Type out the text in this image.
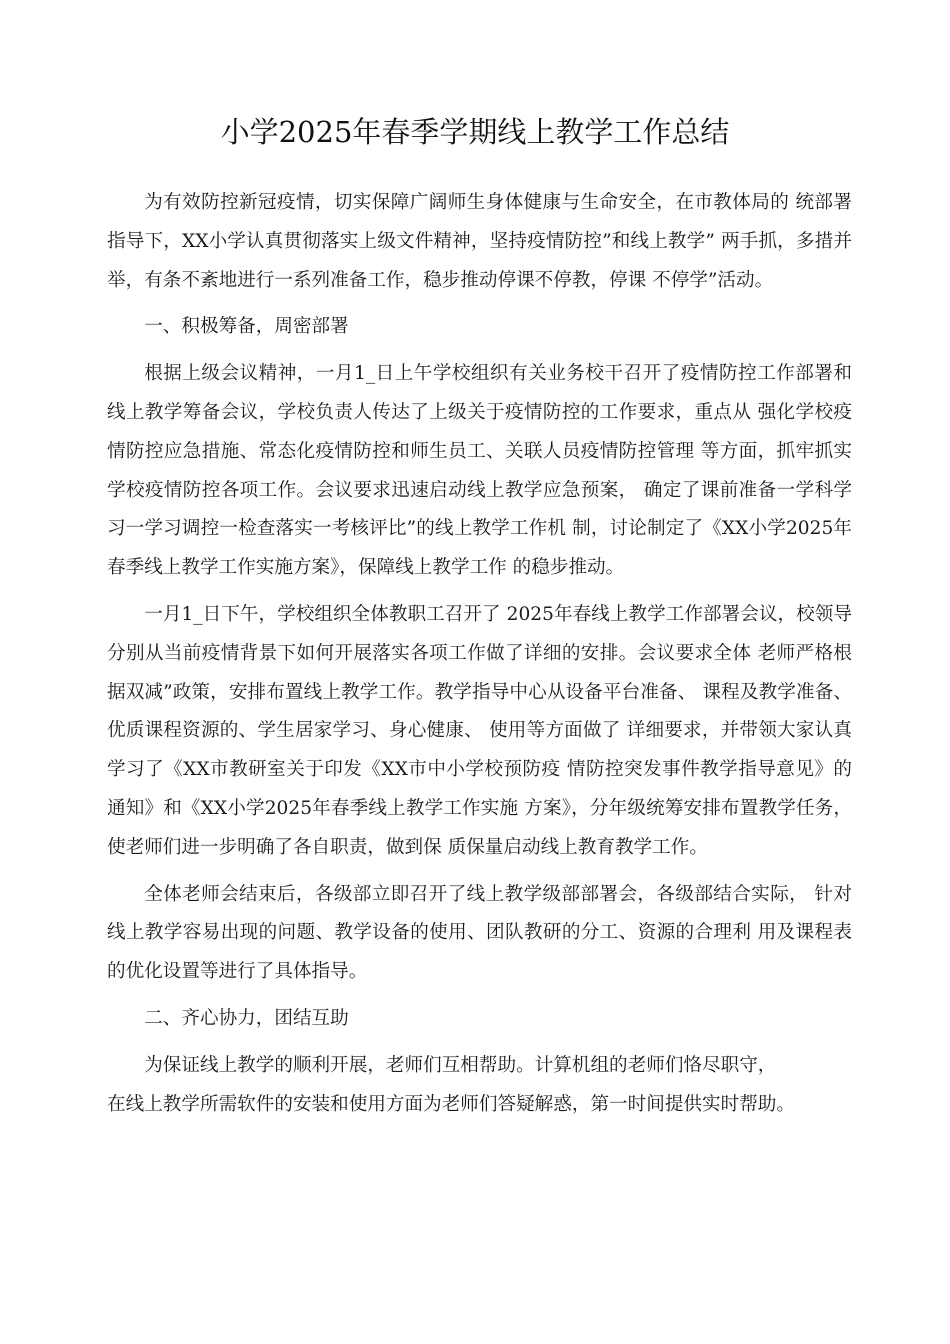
小学2025年春季学期线上教学工作总结

为有效防控新冠疫情，切实保障广阔师生身体健康与生命安全，在市教体局的 统部署指导下，XX小学认真贯彻落实上级文件精神，坚持疫情防控”和线上教学” 两手抓，多措并举，有条不紊地进行一系列准备工作，稳步推动停课不停教，停课 不停学”活动。

一、积极筹备，周密部署

根据上级会议精神，一月1_日上午学校组织有关业务校干召开了疫情防控工作部署和线上教学筹备会议，学校负责人传达了上级关于疫情防控的工作要求，重点从 强化学校疫情防控应急措施、常态化疫情防控和师生员工、关联人员疫情防控管理 等方面，抓牢抓实学校疫情防控各项工作。会议要求迅速启动线上教学应急预案， 确定了课前准备一学科学习一学习调控一检查落实一考核评比”的线上教学工作机 制，讨论制定了《XX小学2025年春季线上教学工作实施方案》，保障线上教学工作 的稳步推动。

一月1_日下午，学校组织全体教职工召开了 2025年春线上教学工作部署会议，校领导分别从当前疫情背景下如何开展落实各项工作做了详细的安排。会议要求全体 老师严格根据双减”政策，安排布置线上教学工作。教学指导中心从设备平台准备、 课程及教学准备、优质课程资源的、学生居家学习、身心健康、 使用等方面做了 详细要求，并带领大家认真学习了《XX市教研室关于印发《XX市中小学校预防疫 情防控突发事件教学指导意见》的通知》和《XX小学2025年春季线上教学工作实施 方案》，分年级统筹安排布置教学任务，使老师们进一步明确了各自职责，做到保 质保量启动线上教育教学工作。

全体老师会结束后，各级部立即召开了线上教学级部部署会，各级部结合实际， 针对线上教学容易出现的问题、教学设备的使用、团队教研的分工、资源的合理利 用及课程表的优化设置等进行了具体指导。

二、齐心协力，团结互助

为保证线上教学的顺利开展，老师们互相帮助。计算机组的老师们恪尽职守，
在线上教学所需软件的安装和使用方面为老师们答疑解惑，第一时间提供实时帮助。
